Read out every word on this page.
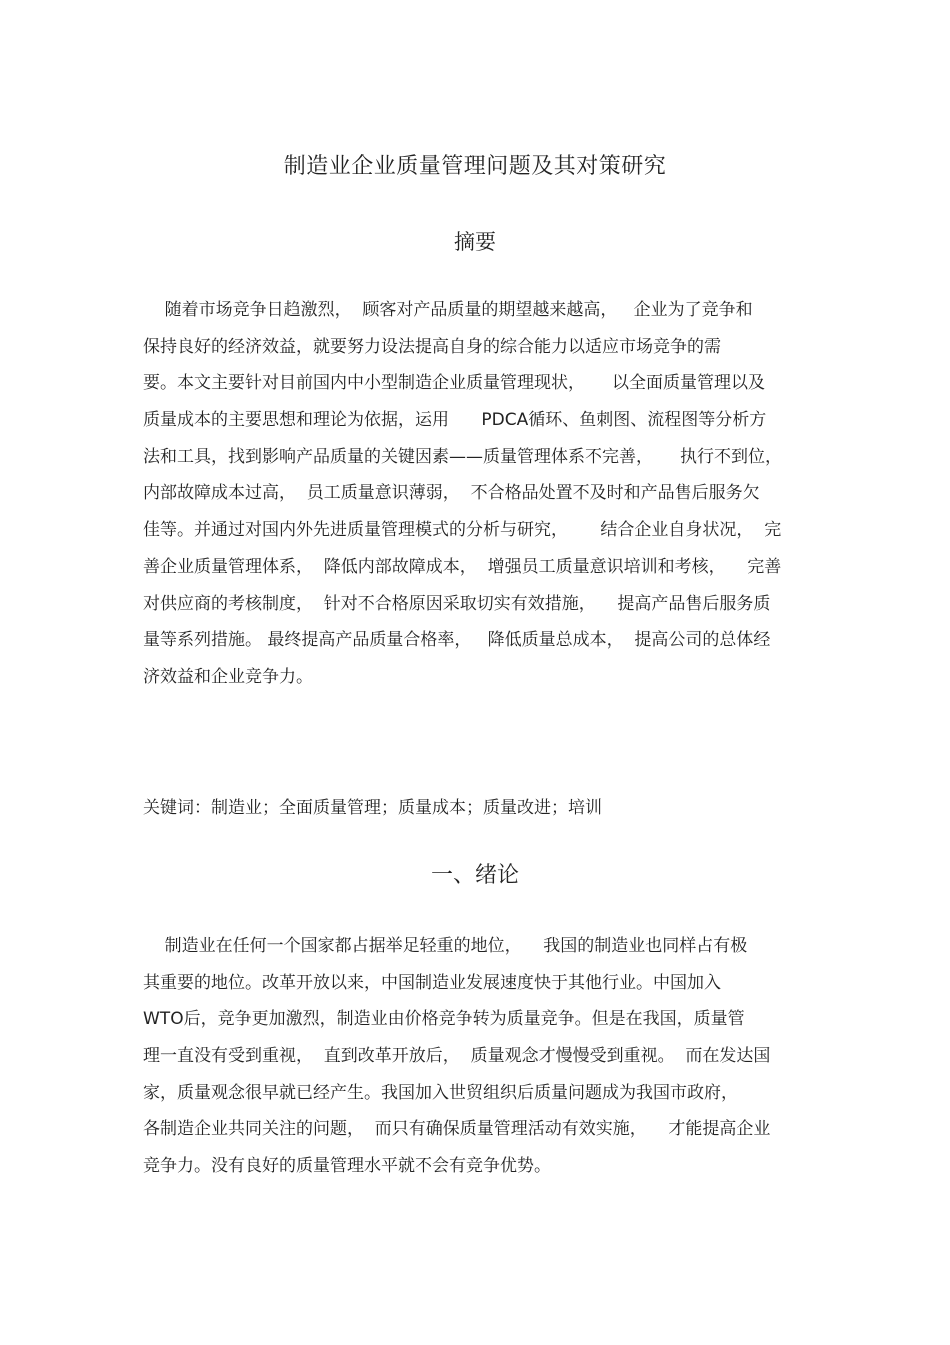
制造业企业质量管理问题及其对策研究
摘要
随着市场竞争日趋激烈，  顾客对产品质量的期望越来越高，   企业为了竞争和
保持良好的经济效益，就要努力设法提高自身的综合能力以适应市场竞争的需
要。本文主要针对目前国内中小型制造企业质量管理现状，     以全面质量管理以及
质量成本的主要思想和理论为依据，运用      PDCA循环、鱼刺图、流程图等分析方
法和工具，找到影响产品质量的关键因素——质量管理体系不完善，     执行不到位，
内部故障成本过高，  员工质量意识薄弱，  不合格品处置不及时和产品售后服务欠
佳等。并通过对国内外先进质量管理模式的分析与研究，      结合企业自身状况，  完
善企业质量管理体系，  降低内部故障成本，  增强员工质量意识培训和考核，    完善
对供应商的考核制度，  针对不合格原因采取切实有效措施，    提高产品售后服务质
量等系列措施。 最终提高产品质量合格率，   降低质量总成本，  提高公司的总体经
济效益和企业竞争力。
关键词：制造业；全面质量管理；质量成本；质量改进；培训
一、绪论
制造业在任何一个国家都占据举足轻重的地位，    我国的制造业也同样占有极
其重要的地位。改革开放以来，中国制造业发展速度快于其他行业。中国加入
WTO后，竞争更加激烈，制造业由价格竞争转为质量竞争。但是在我国，质量管
理一直没有受到重视，  直到改革开放后，  质量观念才慢慢受到重视。  而在发达国
家，质量观念很早就已经产生。我国加入世贸组织后质量问题成为我国市政府，
各制造企业共同关注的问题，  而只有确保质量管理活动有效实施，    才能提高企业
竞争力。没有良好的质量管理水平就不会有竞争优势。
